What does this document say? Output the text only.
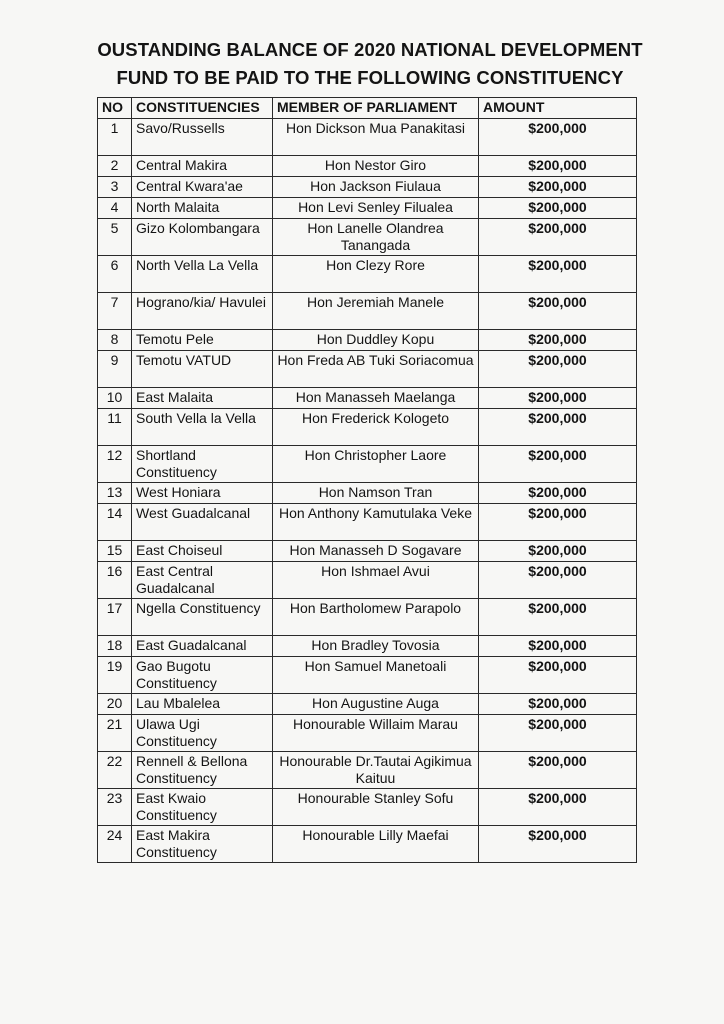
OUSTANDING BALANCE OF 2020 NATIONAL DEVELOPMENT
FUND TO BE PAID TO THE FOLLOWING CONSTITUENCY
NO	CONSTITUENCIES	MEMBER OF PARLIAMENT	AMOUNT
1	Savo/Russells	Hon Dickson Mua Panakitasi	$200,000
2	Central Makira	Hon Nestor Giro	$200,000
3	Central Kwara'ae	Hon Jackson Fiulaua	$200,000
4	North Malaita	Hon Levi Senley Filualea	$200,000
5	Gizo Kolombangara	Hon Lanelle Olandrea Tanangada	$200,000
6	North Vella La Vella	Hon Clezy Rore	$200,000
7	Hograno/kia/ Havulei	Hon Jeremiah Manele	$200,000
8	Temotu Pele	Hon Duddley Kopu	$200,000
9	Temotu VATUD	Hon Freda AB Tuki Soriacomua	$200,000
10	East Malaita	Hon Manasseh Maelanga	$200,000
11	South Vella la Vella	Hon Frederick Kologeto	$200,000
12	Shortland Constituency	Hon Christopher Laore	$200,000
13	West Honiara	Hon Namson Tran	$200,000
14	West Guadalcanal	Hon Anthony Kamutulaka Veke	$200,000
15	East Choiseul	Hon Manasseh D Sogavare	$200,000
16	East Central Guadalcanal	Hon Ishmael Avui	$200,000
17	Ngella Constituency	Hon Bartholomew Parapolo	$200,000
18	East Guadalcanal	Hon Bradley Tovosia	$200,000
19	Gao Bugotu Constituency	Hon Samuel Manetoali	$200,000
20	Lau Mbalelea	Hon Augustine Auga	$200,000
21	Ulawa Ugi Constituency	Honourable Willaim Marau	$200,000
22	Rennell & Bellona Constituency	Honourable Dr.Tautai Agikimua Kaituu	$200,000
23	East Kwaio Constituency	Honourable Stanley Sofu	$200,000
24	East Makira Constituency	Honourable Lilly Maefai	$200,000
